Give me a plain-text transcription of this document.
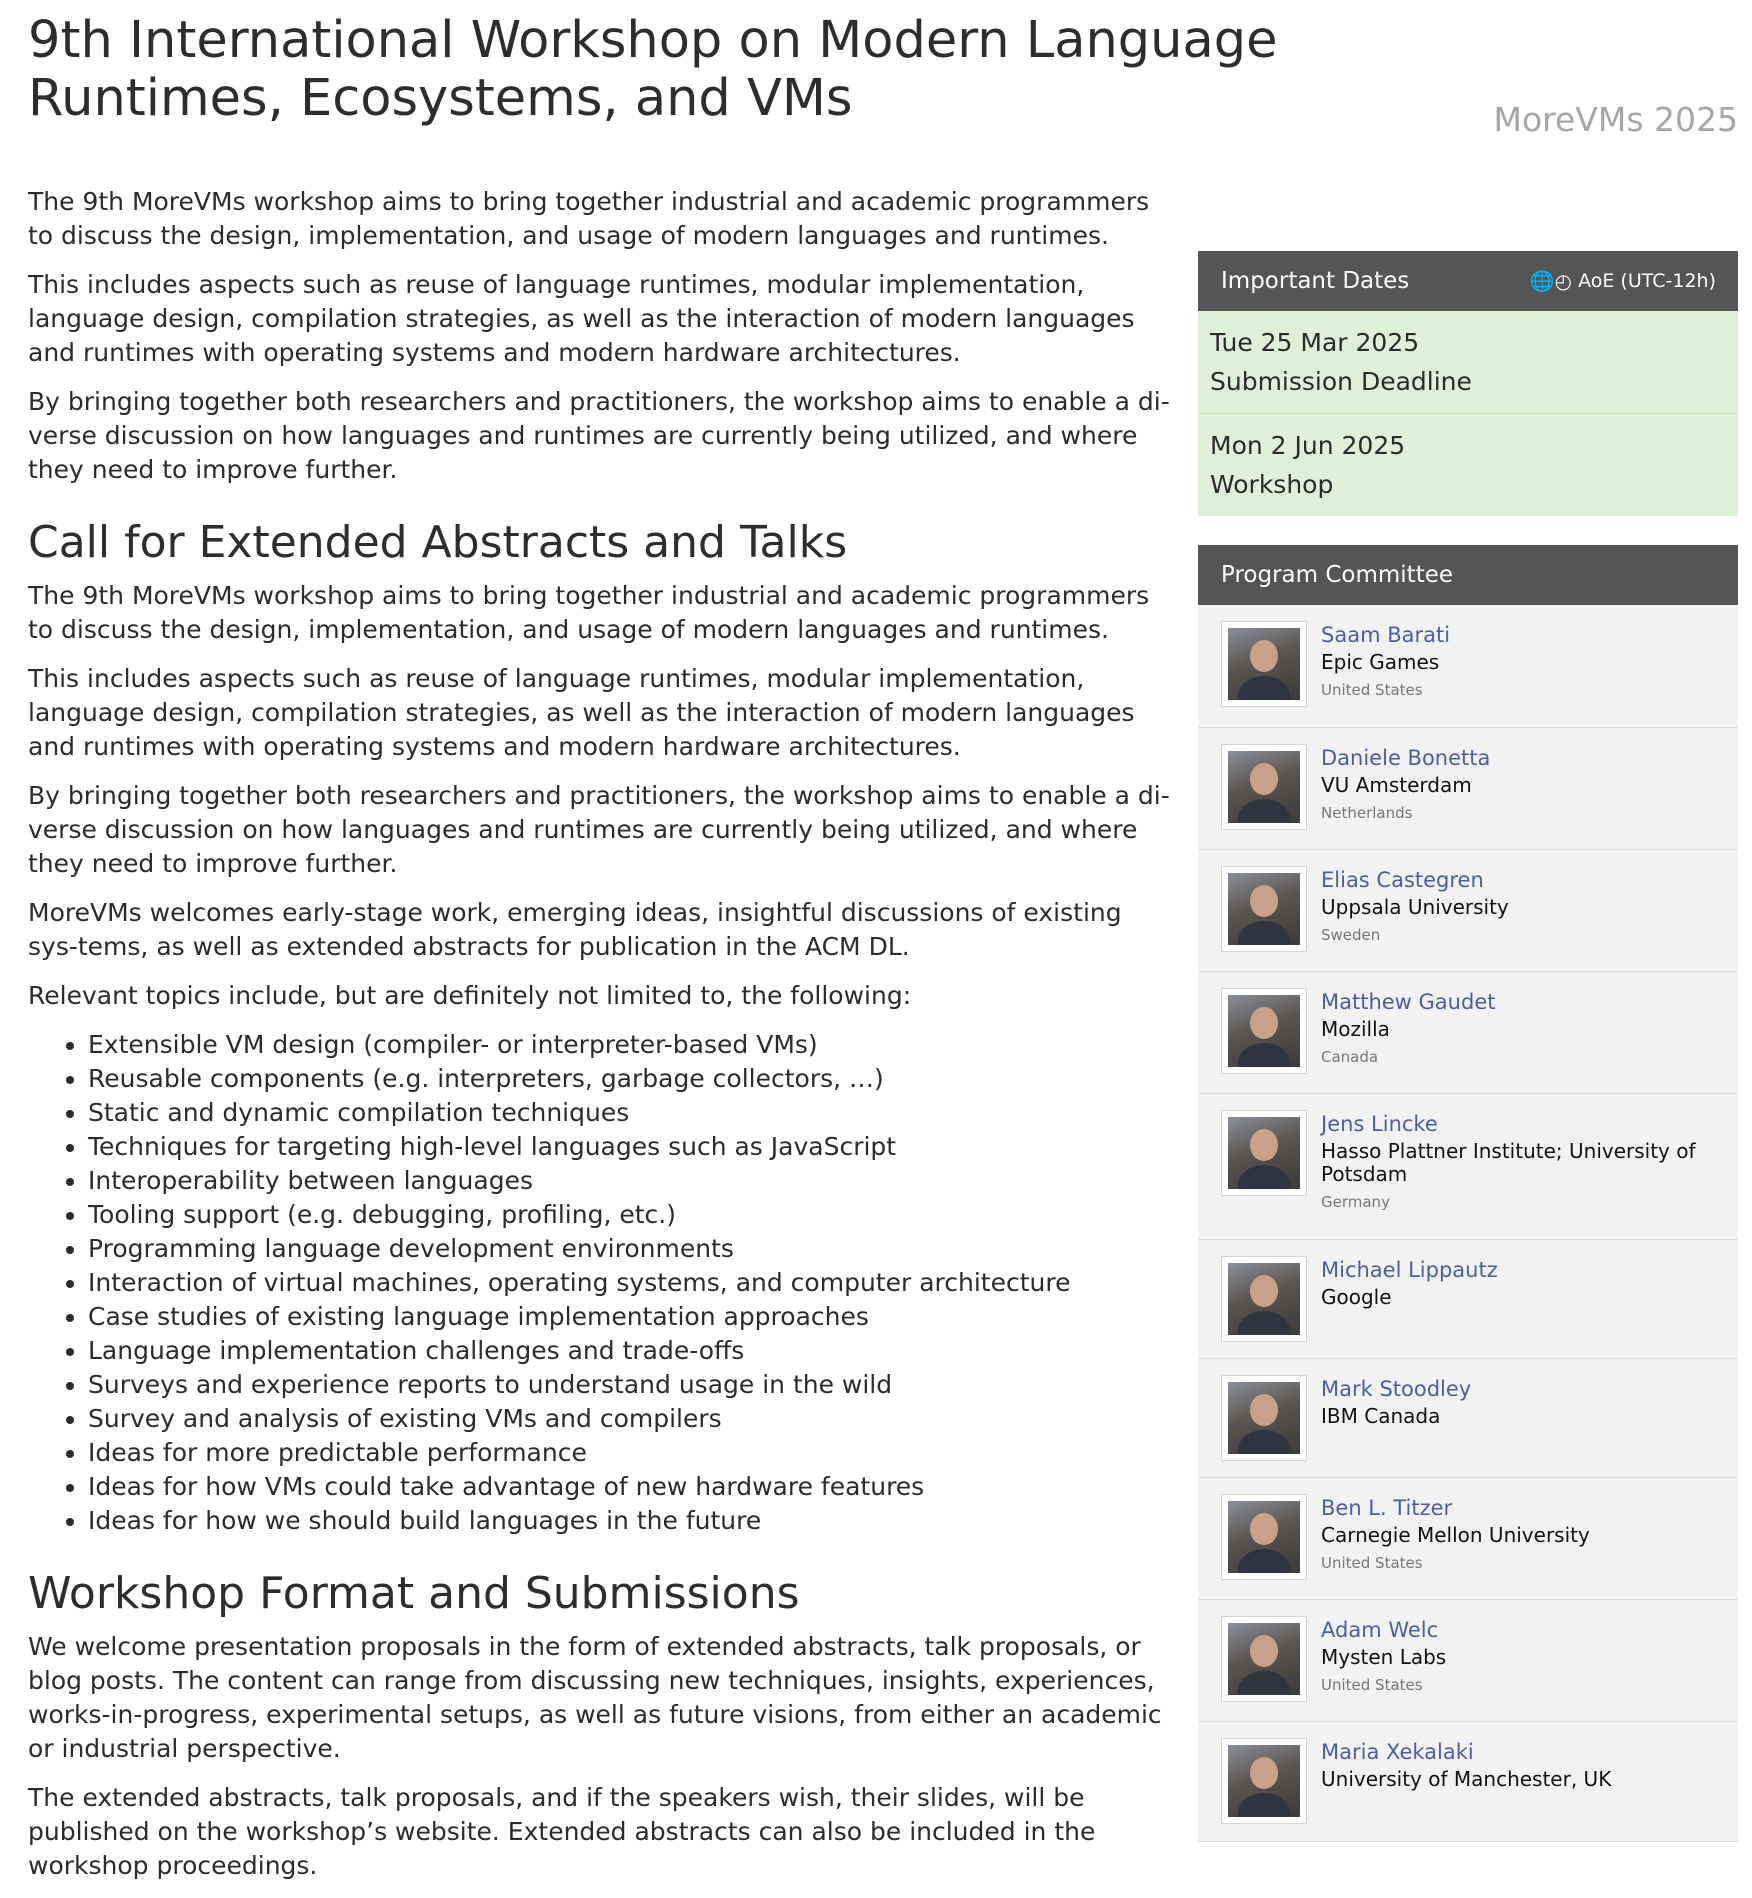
9th International Workshop on Modern Language Runtimes, Ecosystems, and VMs	MoreVMs 2025

The 9th MoreVMs workshop aims to bring together industrial and academic programmers to discuss the design, implementation, and usage of modern languages and runtimes.

This includes aspects such as reuse of language runtimes, modular implementation, language design, compilation strategies, as well as the interaction of modern languages and runtimes with operating systems and modern hardware architectures.

By bringing together both researchers and practitioners, the workshop aims to enable a di-verse discussion on how languages and runtimes are currently being utilized, and where they need to improve further.

Call for Extended Abstracts and Talks

The 9th MoreVMs workshop aims to bring together industrial and academic programmers to discuss the design, implementation, and usage of modern languages and runtimes.

This includes aspects such as reuse of language runtimes, modular implementation, language design, compilation strategies, as well as the interaction of modern languages and runtimes with operating systems and modern hardware architectures.

By bringing together both researchers and practitioners, the workshop aims to enable a di-verse discussion on how languages and runtimes are currently being utilized, and where they need to improve further.

MoreVMs welcomes early-stage work, emerging ideas, insightful discussions of existing sys-tems, as well as extended abstracts for publication in the ACM DL.

Relevant topics include, but are definitely not limited to, the following:

• Extensible VM design (compiler- or interpreter-based VMs)
• Reusable components (e.g. interpreters, garbage collectors, …)
• Static and dynamic compilation techniques
• Techniques for targeting high-level languages such as JavaScript
• Interoperability between languages
• Tooling support (e.g. debugging, profiling, etc.)
• Programming language development environments
• Interaction of virtual machines, operating systems, and computer architecture
• Case studies of existing language implementation approaches
• Language implementation challenges and trade-offs
• Surveys and experience reports to understand usage in the wild
• Survey and analysis of existing VMs and compilers
• Ideas for more predictable performance
• Ideas for how VMs could take advantage of new hardware features
• Ideas for how we should build languages in the future
Workshop Format and Submissions

We welcome presentation proposals in the form of extended abstracts, talk proposals, or blog posts. The content can range from discussing new techniques, insights, experiences, works-in-progress, experimental setups, as well as future visions, from either an academic or industrial perspective.

The extended abstracts, talk proposals, and if the speakers wish, their slides, will be published on the workshop’s website. Extended abstracts can also be included in the workshop proceedings.

Important Dates	🌐◴ AoE (UTC-12h)
Tue 25 Mar 2025
Submission Deadline
Mon 2 Jun 2025
Workshop
Program Committee
Saam Barati
Epic Games
United States
Daniele Bonetta
VU Amsterdam
Netherlands
Elias Castegren
Uppsala University
Sweden
Matthew Gaudet
Mozilla
Canada
Jens Lincke
Hasso Plattner Institute; University of Potsdam
Germany
Michael Lippautz
Google
Mark Stoodley
IBM Canada
Ben L. Titzer
Carnegie Mellon University
United States
Adam Welc
Mysten Labs
United States
Maria Xekalaki
University of Manchester, UK
